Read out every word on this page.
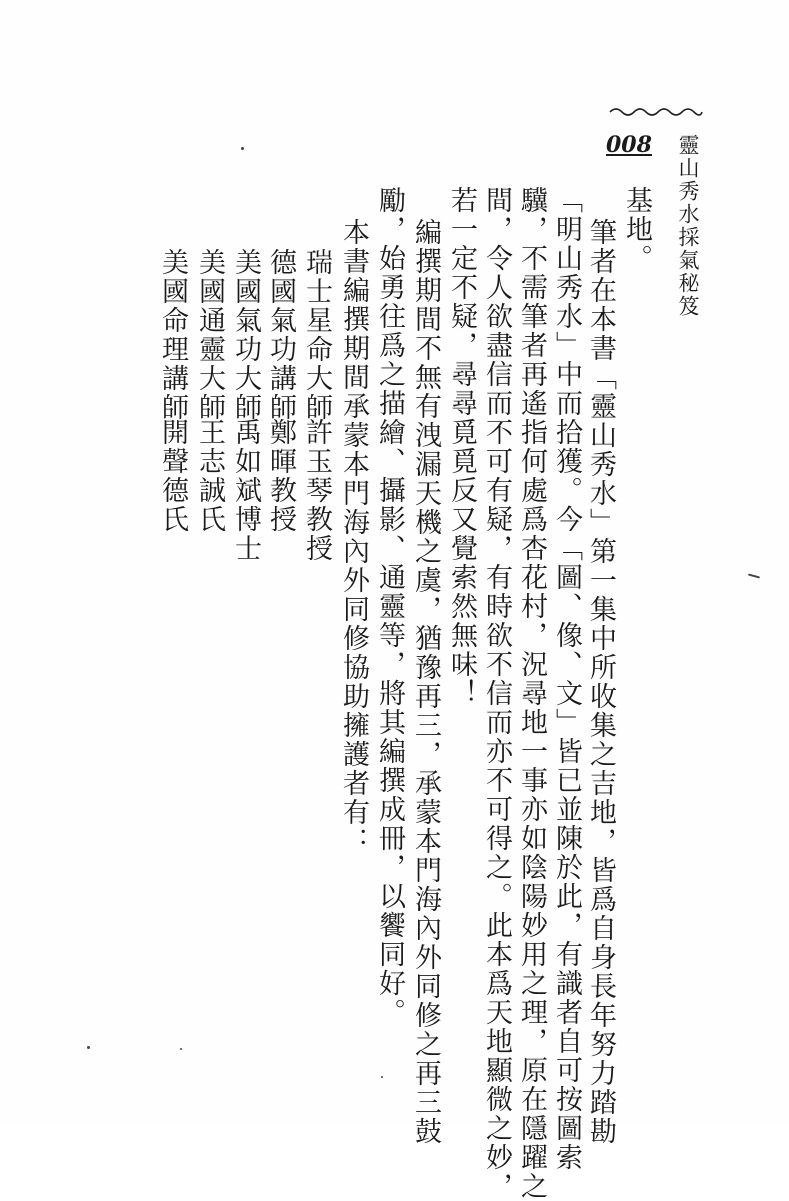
008 靈山秀水採氣秘笈
基地。
筆者在本書「靈山秀水」第一集中所收集之吉地，皆爲自身長年努力踏勘
「明山秀水」中而拾獲。今「圖、像、文」皆已並陳於此，有識者自可按圖索
驥，不需筆者再遙指何處爲杏花村，況尋地一事亦如陰陽妙用之理，原在隱躍之
間，令人欲盡信而不可有疑，有時欲不信而亦不可得之。此本爲天地顯微之妙，
若一定不疑，尋尋覓覓反又覺索然無味！
編撰期間不無有洩漏天機之虞，猶豫再三，承蒙本門海內外同修之再三鼓
勵，始勇往爲之描繪、攝影、通靈等，將其編撰成冊，以饗同好。
本書編撰期間承蒙本門海內外同修協助擁護者有：
瑞士星命大師
許玉琴教授
德國氣功講師
鄭暉教授
美國氣功大師
禹如斌博士
美國通靈大師
王志誠氏
美國命理講師
開聲德氏
